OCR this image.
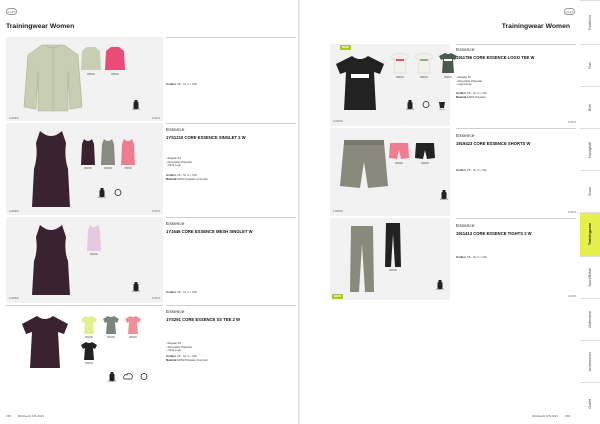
CAFT
Trainingwear Women
1A1B030	24,95 €
999000	999000
Größen:XS - XL / L / XXL
Repel M
1A1B030	24,95 €
999000	999000	785000
Repel M
Essence
1YS1210 CORE ESSENCE SINGLET 2 W
- Regular Fit
- Recycelter Polyester
- Ohne Logo
Größen:XS - XL / L / XXL
Material:100% Polyester (recycelt)
1A1B030	24,95 €
999000
Repel M
Essence
1Y1646 CORE ESSENCE MESH SINGLET W
Größen:XS - XL / L / XXL
999000	999000	999000
999000
Repel M
Essence
1YS291 CORE ESSENCE SS TEE 2 W
- Regular Fit
- Recycelter Polyester
- Ohne Logo
Größen:XS - XL / L / XXL
Material:100% Polyester (recycelt)
158 Workwork F/S 2021
CAFT
Trainingwear Women
NEW
1A1B030
999000	999000	999000
Repel M	Wash
Essence
1911786 CORE ESSENCE LOGO TEE W
- Regular Fit
- Recycelter Polyester
- Logo-Druck
Größen:XS - XL / L / XXL
Material:100% Polyester
24,95 €
1A1B030
999000	999000
Repel M
Essence
1919423 CORE ESSENCE SHORTS W
Größen:XS - XL / L / XXL
24,95 €
NEW
999000
Repel M
Essence
1911413 CORE ESSENCE TIGHTS 2 W
Größen:XS - XL / L / XXL
24,95 €
Workwork F/S 2021 159
Footbrink
Run
Bike
Handyball
Snow
Trainingwear
Sport/Retail
Outerwear
Accessories
Outlet
